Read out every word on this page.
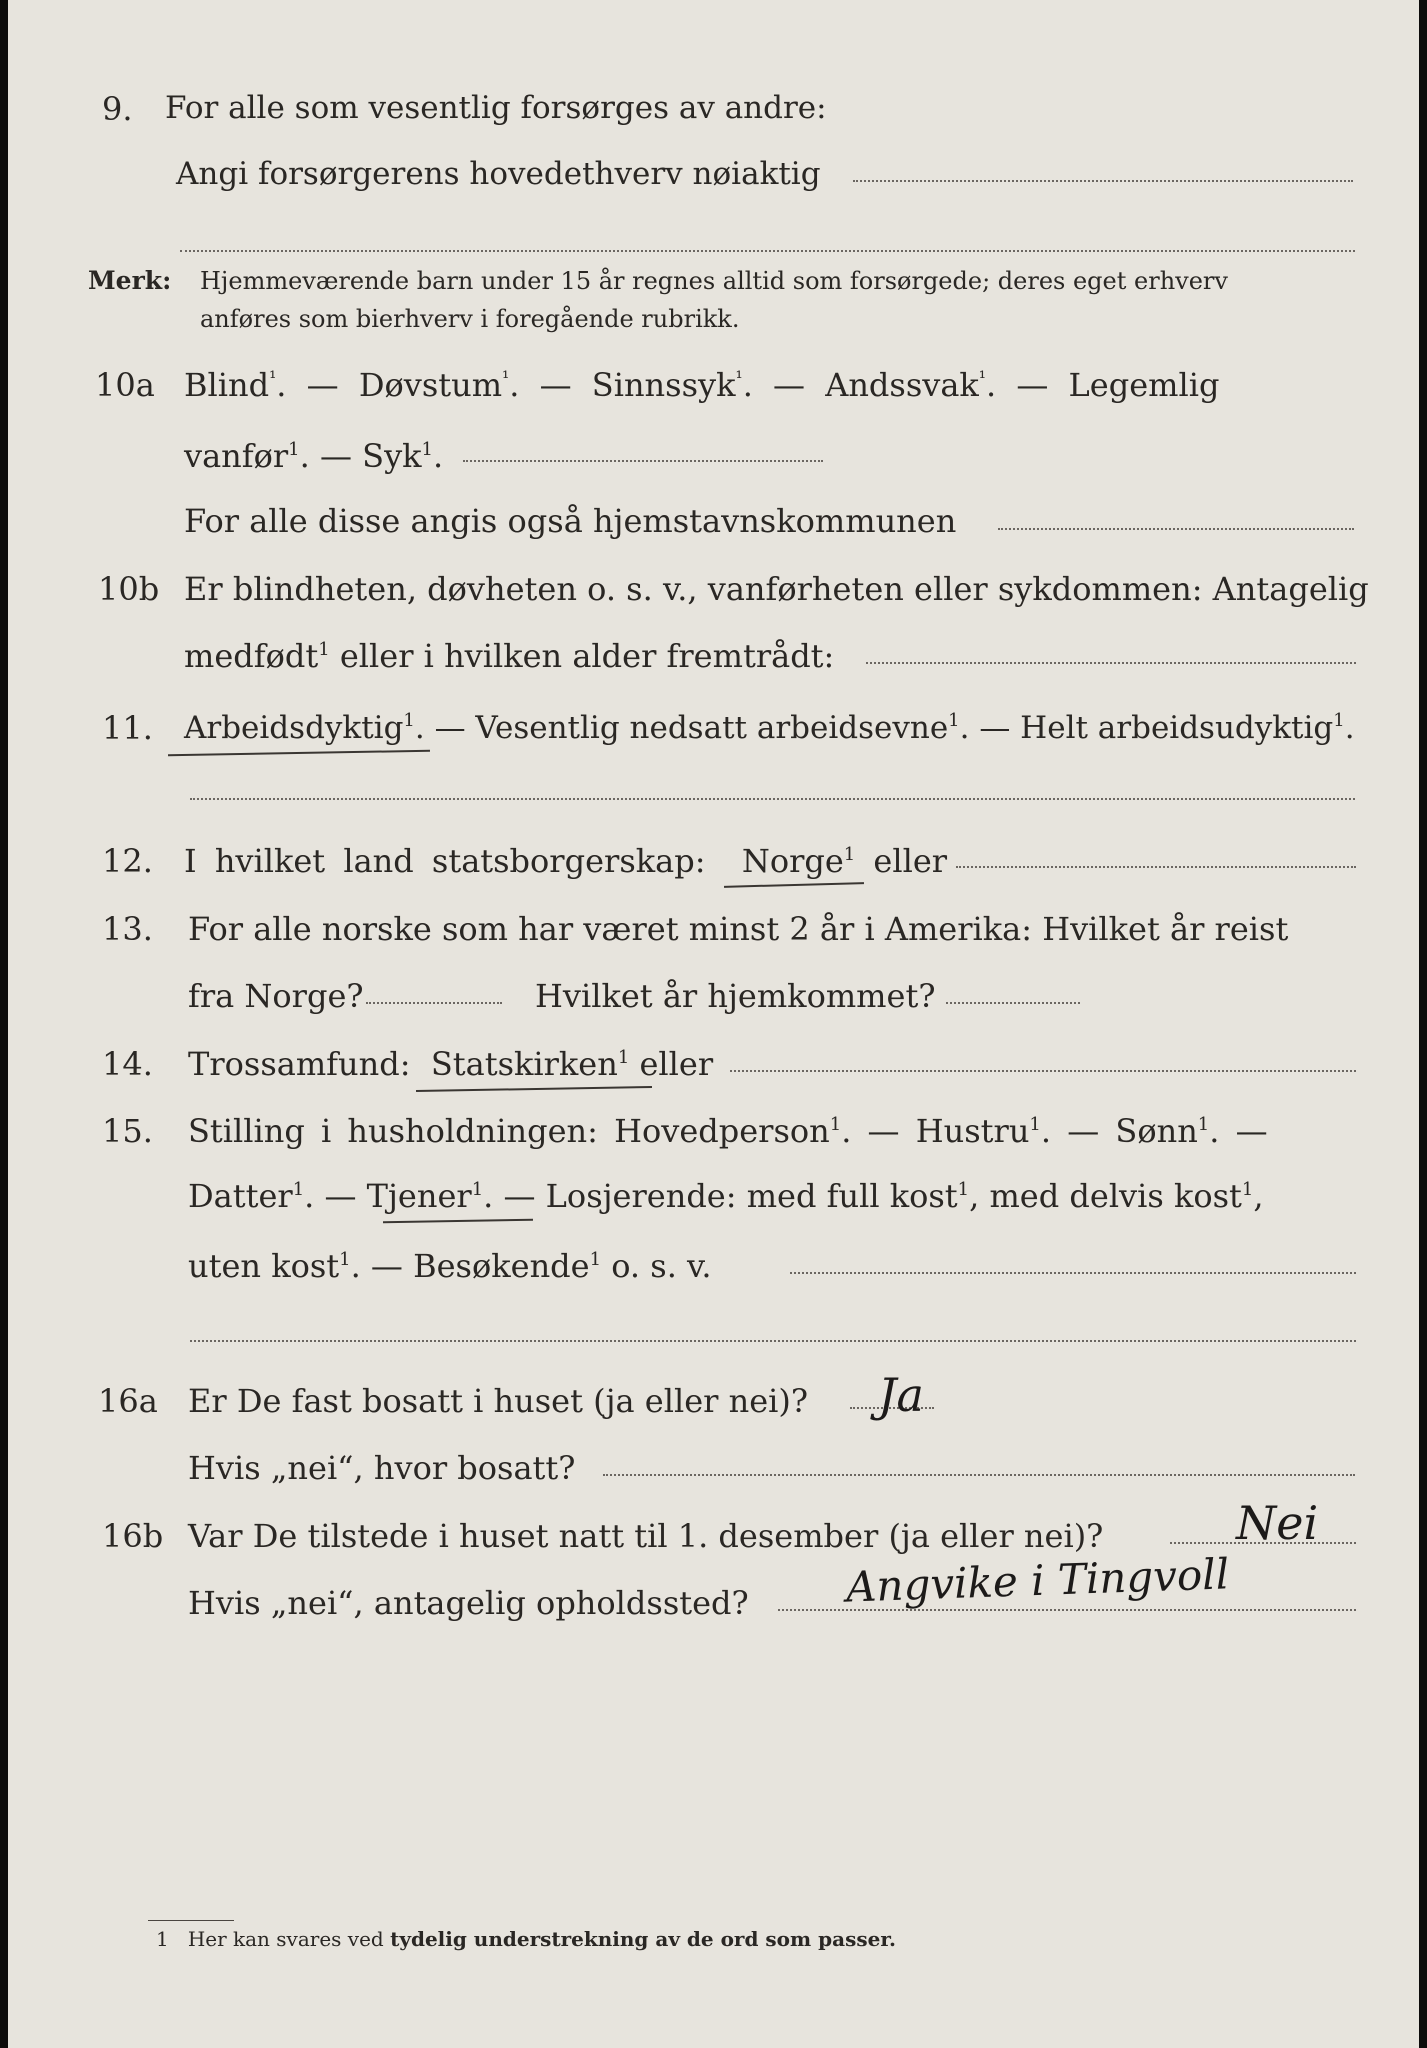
9. For alle som vesentlig forsørges av andre:
Angi forsørgerens hovedethverv nøiaktig
Merk: Hjemmeværende barn under 15 år regnes alltid som forsørgede; deres eget erhverv
anføres som bierhverv i foregående rubrikk.
10a Blind$^{^1}$. — Døvstum$^{^1}$. — Sinnssyk$^{^1}$. — Andssvak$^{^1}$. — Legemlig
vanfør$^1$. — Syk$^1$.
For alle disse angis også hjemstavnskommunen
10b Er blindheten, døvheten o. s. v., vanførheten eller sykdommen: Antagelig
medfødt$^1$ eller i hvilken alder fremtrådt:
11. Arbeidsdyktig$^1$. — Vesentlig nedsatt arbeidsevne$^1$. — Helt arbeidsudyktig$^1$.
12. I hvilket land statsborgerskap: Norge$^1$ eller
13. For alle norske som har været minst 2 år i Amerika: Hvilket år reist
fra Norge?	Hvilket år hjemkommet?
14. Trossamfund: Statskirken$^1$ eller
15. Stilling i husholdningen: Hovedperson$^1$. — Hustru$^1$. — Sønn$^1$. —
Datter$^1$. — Tjener$^1$. — Losjerende: med full kost$^1$, med delvis kost$^1$,
uten kost$^1$. — Besøkende$^1$ o. s. v.
16a Er De fast bosatt i huset (ja eller nei)? Ja
Hvis „nei“, hvor bosatt?
16b Var De tilstede i huset natt til 1. desember (ja eller nei)?	Nei
Hvis „nei“, antagelig opholdssted? Angvike i Tingvoll
1 Her kan svares ved tydelig understrekning av de ord som passer.
